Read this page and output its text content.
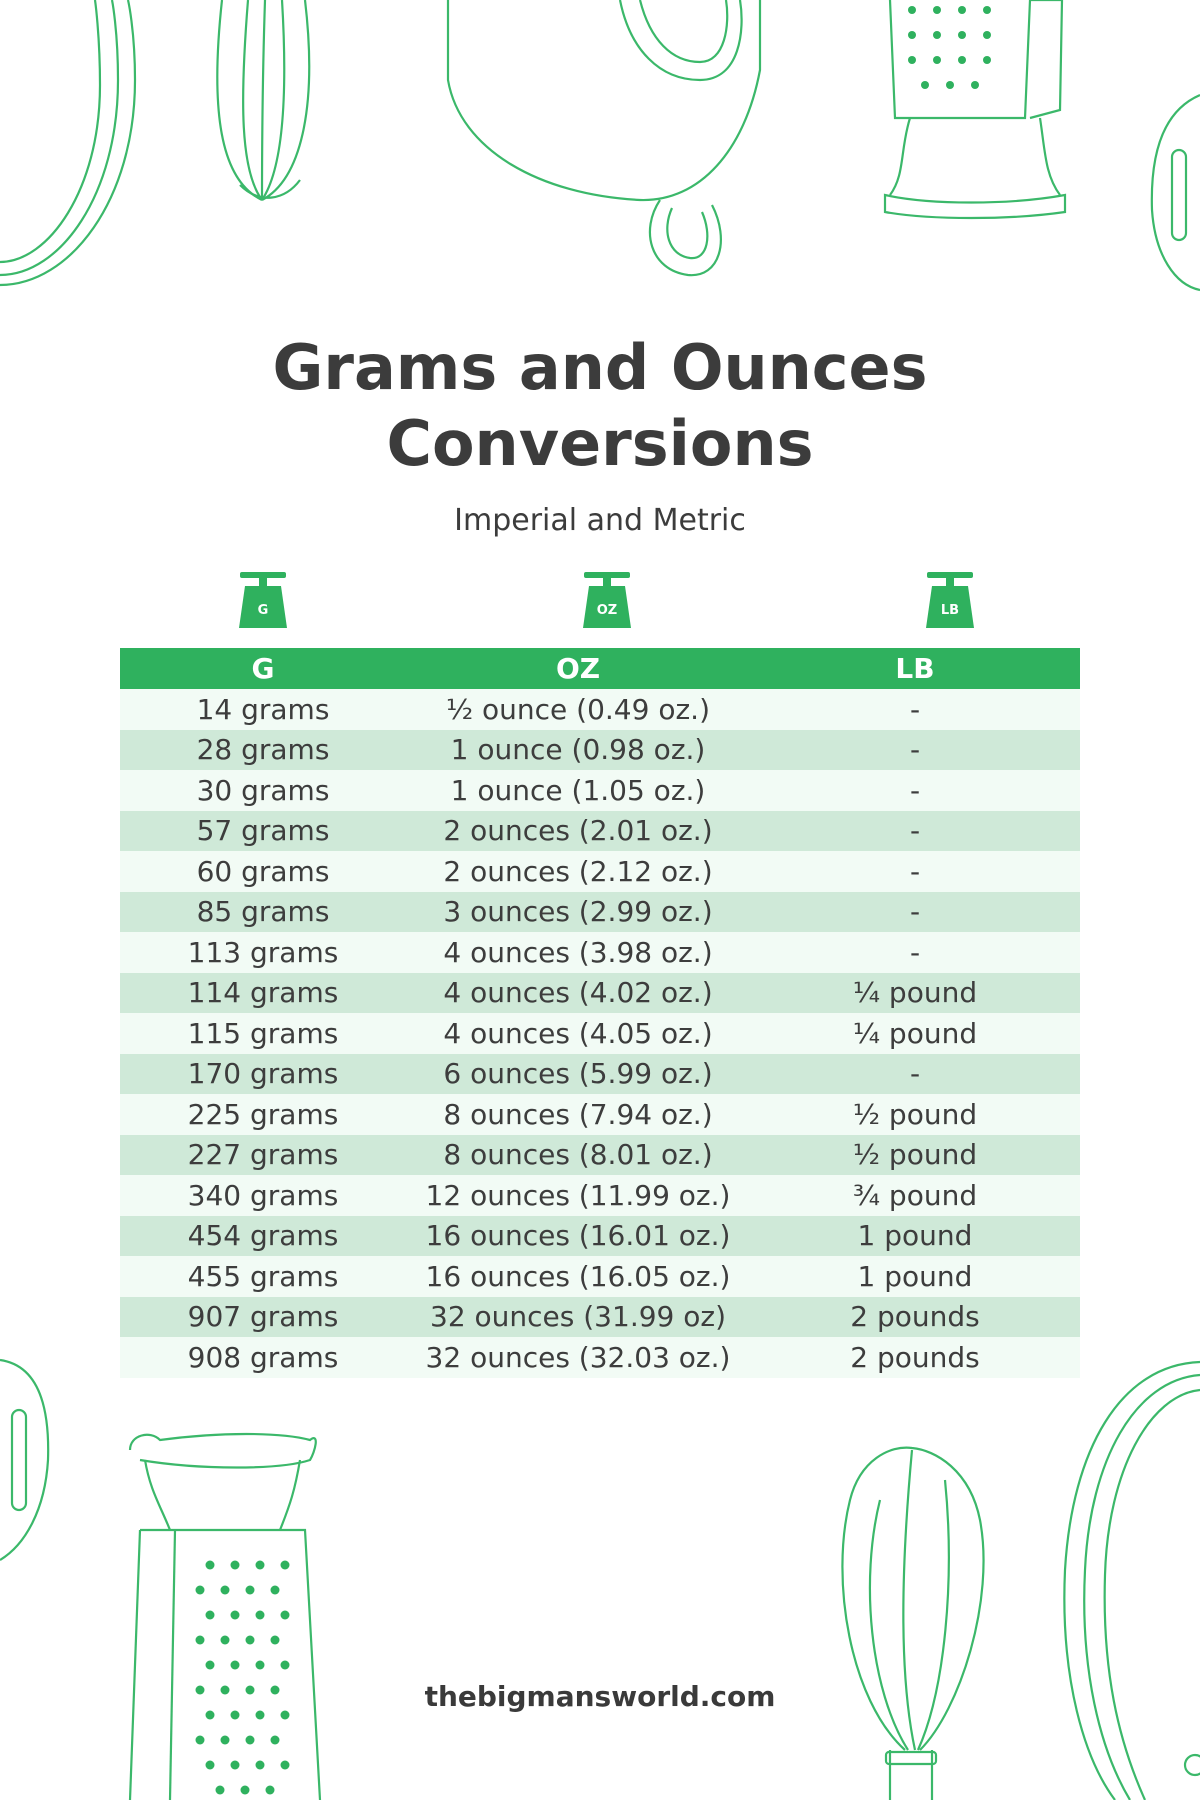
Grams and Ounces
Conversions

Imperial and Metric

G	OZ	LB
G	OZ	LB
14 grams	½ ounce (0.49 oz.)	-
28 grams	1 ounce (0.98 oz.)	-
30 grams	1 ounce (1.05 oz.)	-
57 grams	2 ounces (2.01 oz.)	-
60 grams	2 ounces (2.12 oz.)	-
85 grams	3 ounces (2.99 oz.)	-
113 grams	4 ounces (3.98 oz.)	-
114 grams	4 ounces (4.02 oz.)	¼ pound
115 grams	4 ounces (4.05 oz.)	¼ pound
170 grams	6 ounces (5.99 oz.)	-
225 grams	8 ounces (7.94 oz.)	½ pound
227 grams	8 ounces (8.01 oz.)	½ pound
340 grams	12 ounces (11.99 oz.)	¾ pound
454 grams	16 ounces (16.01 oz.)	1 pound
455 grams	16 ounces (16.05 oz.)	1 pound
907 grams	32 ounces (31.99 oz)	2 pounds
908 grams	32 ounces (32.03 oz.)	2 pounds
thebigmansworld.com
